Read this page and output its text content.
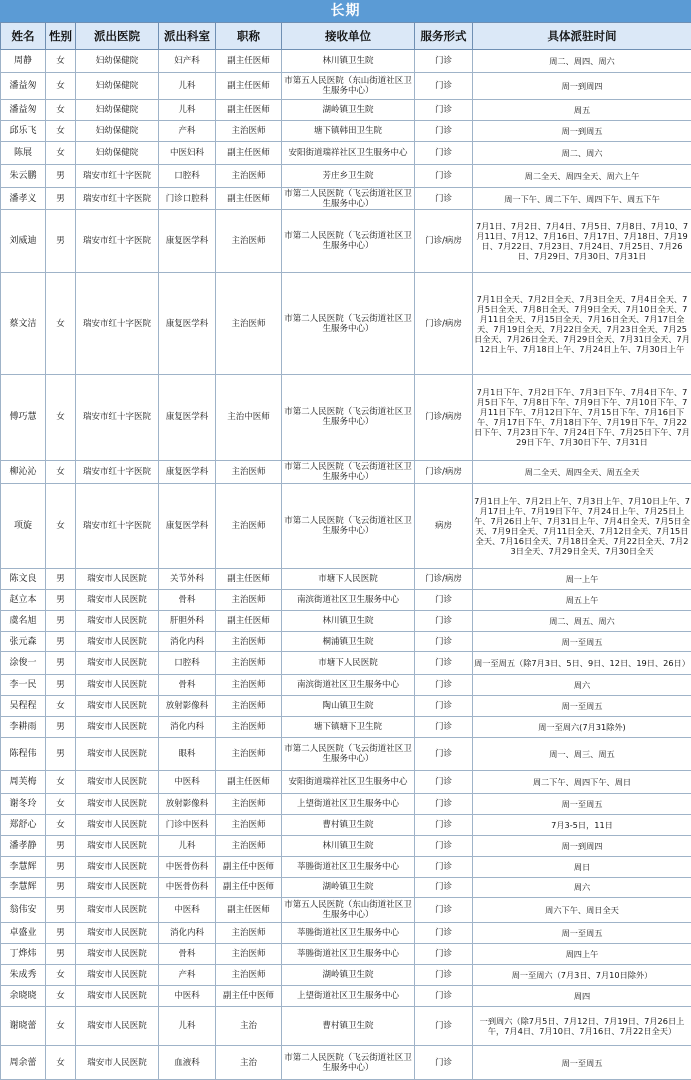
长期
姓名	性别	派出医院	派出科室	职称	接收单位	服务形式	具体派驻时间
周静	女	妇幼保健院	妇产科	副主任医师	林川镇卫生院	门诊	周二、周四、周六
潘益匆	女	妇幼保健院	儿科	副主任医师	市第五人民医院（东山街道社区卫生服务中心）	门诊	周一到周四
潘益匆	女	妇幼保健院	儿科	副主任医师	湖岭镇卫生院	门诊	周五
邱乐飞	女	妇幼保健院	产科	主治医师	塘下镇韩田卫生院	门诊	周一到周五
陈展	女	妇幼保健院	中医妇科	副主任医师	安阳街道瑞祥社区卫生服务中心	门诊	周二、周六
朱云鹏	男	瑞安市红十字医院	口腔科	主治医师	芳庄乡卫生院	门诊	周二全天、周四全天、周六上午
潘孝义	男	瑞安市红十字医院	门诊口腔科	副主任医师	市第二人民医院（飞云街道社区卫生服务中心）	门诊	周一下午、周二下午、周四下午、周五下午
刘威迪	男	瑞安市红十字医院	康复医学科	主治医师	市第二人民医院（飞云街道社区卫生服务中心）	门诊/病房	7月1日、7月2日、7月4日、7月5日、7月8日、7月10、7月11日、7月12、7月16日、7月17日、7月18日、7月19日、7月22日、7月23日、7月24日、7月25日、7月26日、7月29日、7月30日、7月31日
蔡文洁	女	瑞安市红十字医院	康复医学科	主治医师	市第二人民医院（飞云街道社区卫生服务中心）	门诊/病房	7月1日全天、7月2日全天、7月3日全天、7月4日全天、7月5日全天、7月8日全天、7月9日全天、7月10日全天、7月11日全天、7月15日全天、7月16日全天、7月17日全天、7月19日全天、7月22日全天、7月23日全天、7月25日全天、7月26日全天、7月29日全天、7月31日全天、7月12日上午、7月18日上午、7月24日上午、7月30日上午
傅巧慧	女	瑞安市红十字医院	康复医学科	主治中医师	市第二人民医院（飞云街道社区卫生服务中心）	门诊/病房	7月1日下午、7月2日下午、7月3日下午、7月4日下午、7月5日下午、7月8日下午、7月9日下午、7月10日下午、7月11日下午、7月12日下午、7月15日下午、7月16日下午、7月17日下午、7月18日下午、7月19日下午、7月22日下午、7月23日下午、7月24日下午、7月25日下午、7月29日下午、7月30日下午、7月31日
柳沁沁	女	瑞安市红十字医院	康复医学科	主治医师	市第二人民医院（飞云街道社区卫生服务中心）	门诊/病房	周二全天、周四全天、周五全天
项旋	女	瑞安市红十字医院	康复医学科	主治医师	市第二人民医院（飞云街道社区卫生服务中心）	病房	7月1日上午、7月2日上午、7月3日上午、7月10日上午、7月17日上午、7月19日下午、7月24日上午、7月25日上午、7月26日上午、7月31日上午、7月4日全天、7月5日全天、7月9日全天、7月11日全天、7月12日全天、7月15日全天、7月16日全天、7月18日全天、7月22日全天、7月23日全天、7月29日全天、7月30日全天
陈文良	男	瑞安市人民医院	关节外科	副主任医师	市塘下人民医院	门诊/病房	周一上午
赵立本	男	瑞安市人民医院	骨科	主治医师	南滨街道社区卫生服务中心	门诊	周五上午
虞名旭	男	瑞安市人民医院	肝胆外科	副主任医师	林川镇卫生院	门诊	周二、周五、周六
张元森	男	瑞安市人民医院	消化内科	主治医师	桐浦镇卫生院	门诊	周一至周五
涂俊一	男	瑞安市人民医院	口腔科	主治医师	市塘下人民医院	门诊	周一至周五（除7月3日、5日、9日、12日、19日、26日）
李一民	男	瑞安市人民医院	骨科	主治医师	南滨街道社区卫生服务中心	门诊	周六
吴程程	女	瑞安市人民医院	放射影像科	主治医师	陶山镇卫生院	门诊	周一至周五
李耕雨	男	瑞安市人民医院	消化内科	主治医师	塘下镇塘下卫生院	门诊	周一至周六(7月31除外)
陈程伟	男	瑞安市人民医院	眼科	主治医师	市第二人民医院（飞云街道社区卫生服务中心）	门诊	周一、周三、周五
周芙梅	女	瑞安市人民医院	中医科	副主任医师	安阳街道瑞祥社区卫生服务中心	门诊	周二下午、周四下午、周日
谢冬玲	女	瑞安市人民医院	放射影像科	主治医师	上望街道社区卫生服务中心	门诊	周一至周五
郑舒心	女	瑞安市人民医院	门诊中医科	主治医师	曹村镇卫生院	门诊	7月3-5日，11日
潘孝静	男	瑞安市人民医院	儿科	主治医师	林川镇卫生院	门诊	周一到周四
李慧辉	男	瑞安市人民医院	中医骨伤科	副主任中医师	莘塍街道社区卫生服务中心	门诊	周日
李慧辉	男	瑞安市人民医院	中医骨伤科	副主任中医师	湖岭镇卫生院	门诊	周六
翁伟安	男	瑞安市人民医院	中医科	副主任医师	市第五人民医院（东山街道社区卫生服务中心）	门诊	周六下午、周日全天
卓盛业	男	瑞安市人民医院	消化内科	主治医师	莘塍街道社区卫生服务中心	门诊	周一至周五
丁烨炜	男	瑞安市人民医院	骨科	主治医师	莘塍街道社区卫生服务中心	门诊	周四上午
朱成秀	女	瑞安市人民医院	产科	主治医师	湖岭镇卫生院	门诊	周一至周六（7月3日、7月10日除外）
余晓晓	女	瑞安市人民医院	中医科	副主任中医师	上望街道社区卫生服务中心	门诊	周四
谢晓蕾	女	瑞安市人民医院	儿科	主治	曹村镇卫生院	门诊	一到周六（除7月5日、7月12日、7月19日、7月26日上午，7月4日、7月10日、7月16日、7月22日全天）
周余蕾	女	瑞安市人民医院	血液科	主治	市第二人民医院（飞云街道社区卫生服务中心）	门诊	周一至周五
